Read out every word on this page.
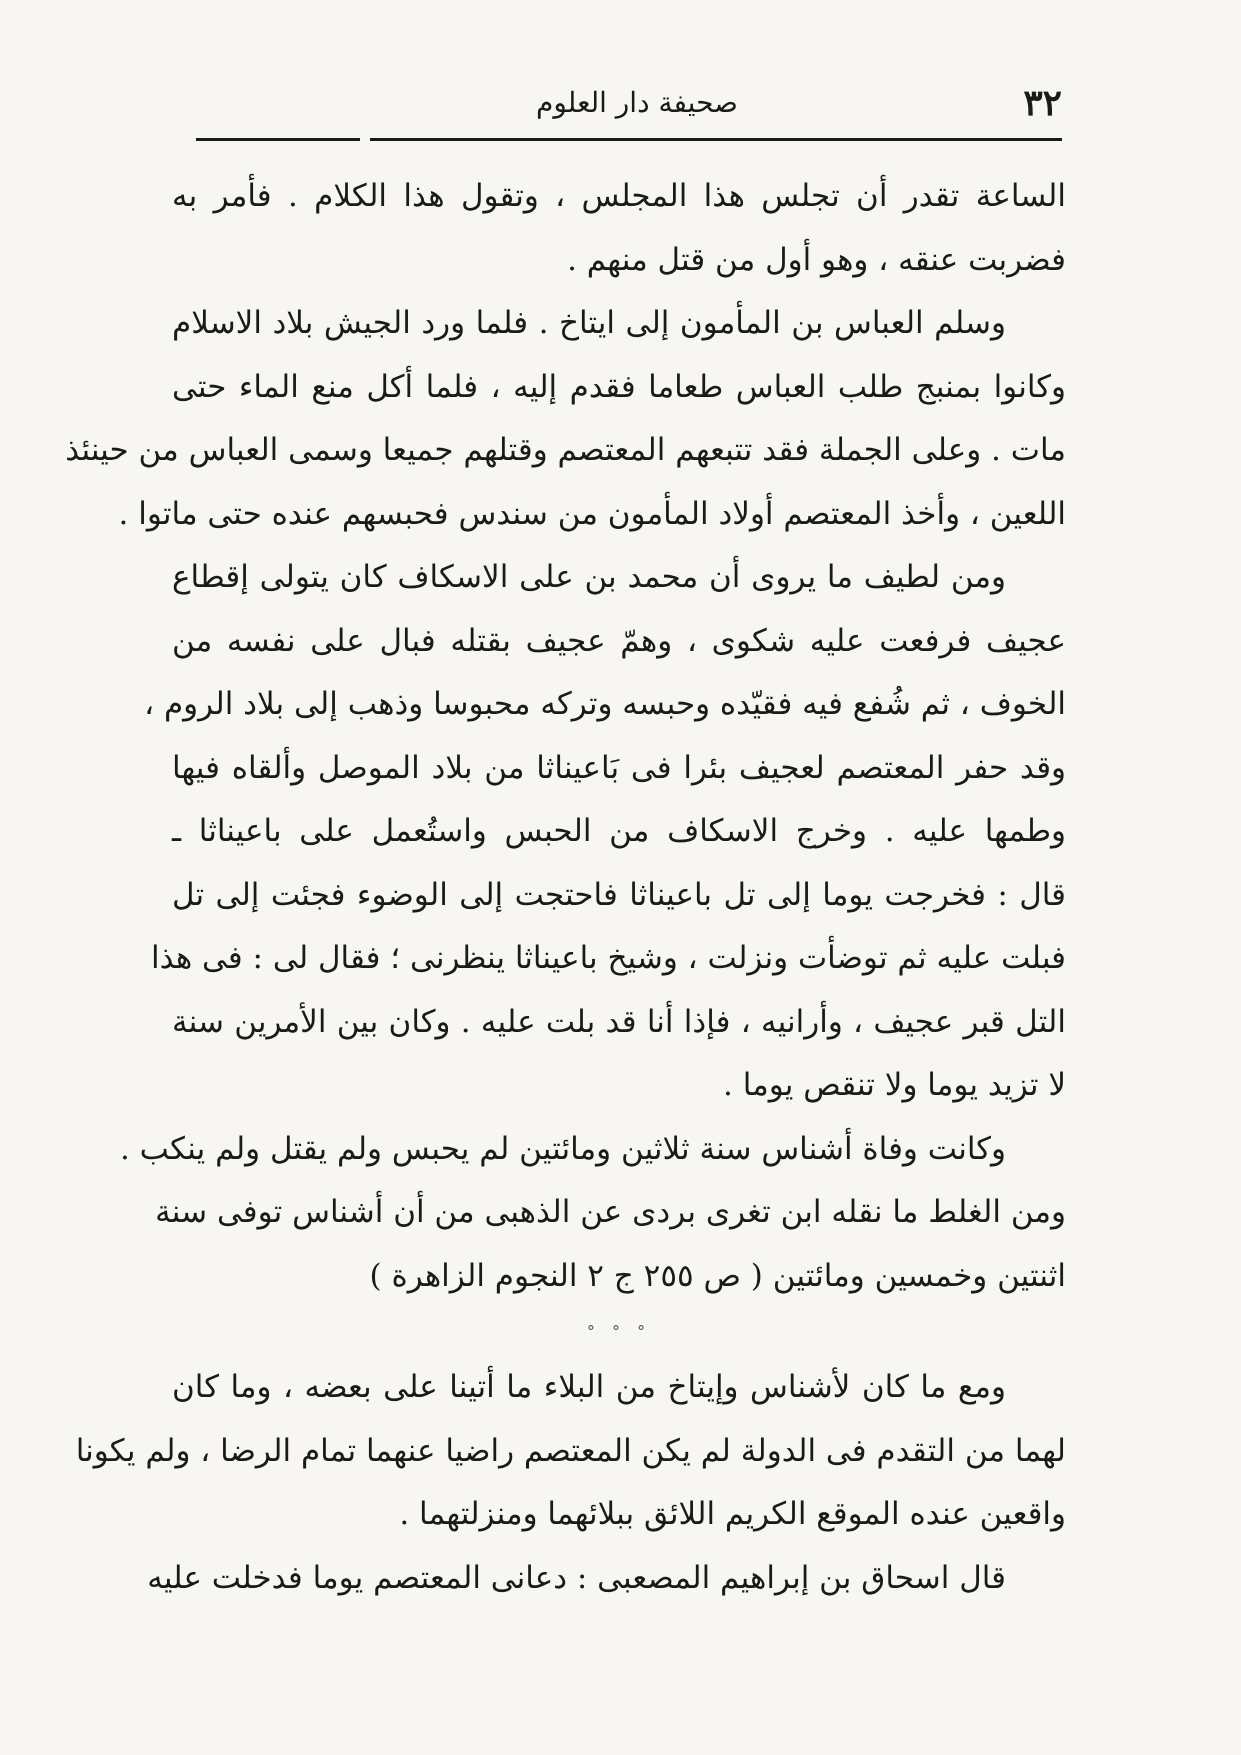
٣٢
صحيفة دار العلوم
الساعة تقدر أن تجلس هذا المجلس ، وتقول هذا الكلام . فأمر به
فضربت عنقه ، وهو أول من قتل منهم .
وسلم العباس بن المأمون إلى ايتاخ . فلما ورد الجيش بلاد الاسلام
وكانوا بمنبج طلب العباس طعاما فقدم إليه ، فلما أكل منع الماء حتى
مات . وعلى الجملة فقد تتبعهم المعتصم وقتلهم جميعا وسمى العباس من حينئذ
اللعين ، وأخذ المعتصم أولاد المأمون من سندس فحبسهم عنده حتى ماتوا .
ومن لطيف ما يروى أن محمد بن على الاسكاف كان يتولى إقطاع
عجيف فرفعت عليه شكوى ، وهمّ عجيف بقتله فبال على نفسه من
الخوف ، ثم شُفع فيه فقيّده وحبسه وتركه محبوسا وذهب إلى بلاد الروم ،
وقد حفر المعتصم لعجيف بئرا فى بَاعيناثا من بلاد الموصل وألقاه فيها
وطمها عليه . وخرج الاسكاف من الحبس واستُعمل على باعيناثا ـ
قال : فخرجت يوما إلى تل باعيناثا فاحتجت إلى الوضوء فجئت إلى تل
فبلت عليه ثم توضأت ونزلت ، وشيخ باعيناثا ينظرنى ؛ فقال لى : فى هذا
التل قبر عجيف ، وأرانيه ، فإذا أنا قد بلت عليه . وكان بين الأمرين سنة
لا تزيد يوما ولا تنقص يوما .
وكانت وفاة أشناس سنة ثلاثين ومائتين لم يحبس ولم يقتل ولم ينكب .
ومن الغلط ما نقله ابن تغرى بردى عن الذهبى من أن أشناس توفى سنة
اثنتين وخمسين ومائتين ( ص ٢٥٥ ج ٢ النجوم الزاهرة )
° ° °
ومع ما كان لأشناس وإيتاخ من البلاء ما أتينا على بعضه ، وما كان
لهما من التقدم فى الدولة لم يكن المعتصم راضيا عنهما تمام الرضا ، ولم يكونا
واقعين عنده الموقع الكريم اللائق ببلائهما ومنزلتهما .
قال اسحاق بن إبراهيم المصعبى : دعانى المعتصم يوما فدخلت عليه
